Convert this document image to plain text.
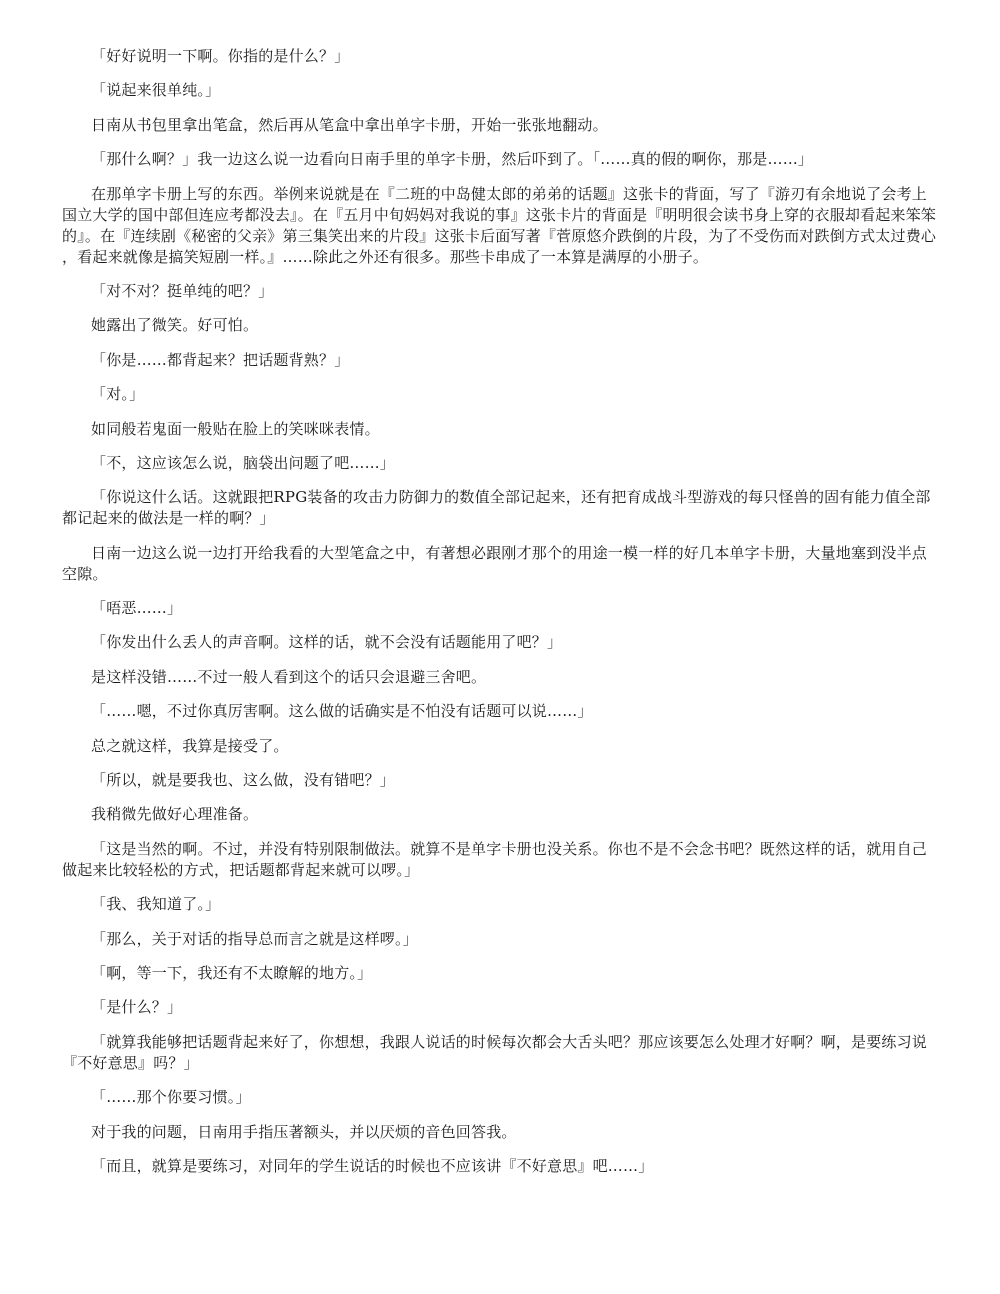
「好好说明一下啊。你指的是什么？」

「说起来很单纯。」

日南从书包里拿出笔盒，然后再从笔盒中拿出单字卡册，开始一张张地翻动。

「那什么啊？」我一边这么说一边看向日南手里的单字卡册，然后吓到了。「……真的假的啊你，那是……」

在那单字卡册上写的东西。举例来说就是在『二班的中岛健太郎的弟弟的话题』这张卡的背面，写了『游刃有余地说了会考上国立大学的国中部但连应考都没去』。在『五月中旬妈妈对我说的事』这张卡片的背面是『明明很会读书身上穿的衣服却看起来笨笨的』。在『连续剧《秘密的父亲》第三集笑出来的片段』这张卡后面写著『菅原悠介跌倒的片段，为了不受伤而对跌倒方式太过费心，看起来就像是搞笑短剧一样。』……除此之外还有很多。那些卡串成了一本算是满厚的小册子。

「对不对？挺单纯的吧？」

她露出了微笑。好可怕。

「你是……都背起来？把话题背熟？」

「对。」

如同般若鬼面一般贴在脸上的笑咪咪表情。

「不，这应该怎么说，脑袋出问题了吧……」

「你说这什么话。这就跟把RPG装备的攻击力防御力的数值全部记起来，还有把育成战斗型游戏的每只怪兽的固有能力值全部都记起来的做法是一样的啊？」

日南一边这么说一边打开给我看的大型笔盒之中，有著想必跟刚才那个的用途一模一样的好几本单字卡册，大量地塞到没半点空隙。

「唔恶……」

「你发出什么丢人的声音啊。这样的话，就不会没有话题能用了吧？」

是这样没错……不过一般人看到这个的话只会退避三舍吧。

「……嗯，不过你真厉害啊。这么做的话确实是不怕没有话题可以说……」

总之就这样，我算是接受了。

「所以，就是要我也、这么做，没有错吧？」

我稍微先做好心理准备。

「这是当然的啊。不过，并没有特别限制做法。就算不是单字卡册也没关系。你也不是不会念书吧？既然这样的话，就用自己做起来比较轻松的方式，把话题都背起来就可以啰。」

「我、我知道了。」

「那么，关于对话的指导总而言之就是这样啰。」

「啊，等一下，我还有不太瞭解的地方。」

「是什么？」

「就算我能够把话题背起来好了，你想想，我跟人说话的时候每次都会大舌头吧？那应该要怎么处理才好啊？啊，是要练习说『不好意思』吗？」

「……那个你要习惯。」

对于我的问题，日南用手指压著额头，并以厌烦的音色回答我。

「而且，就算是要练习，对同年的学生说话的时候也不应该讲『不好意思』吧……」
